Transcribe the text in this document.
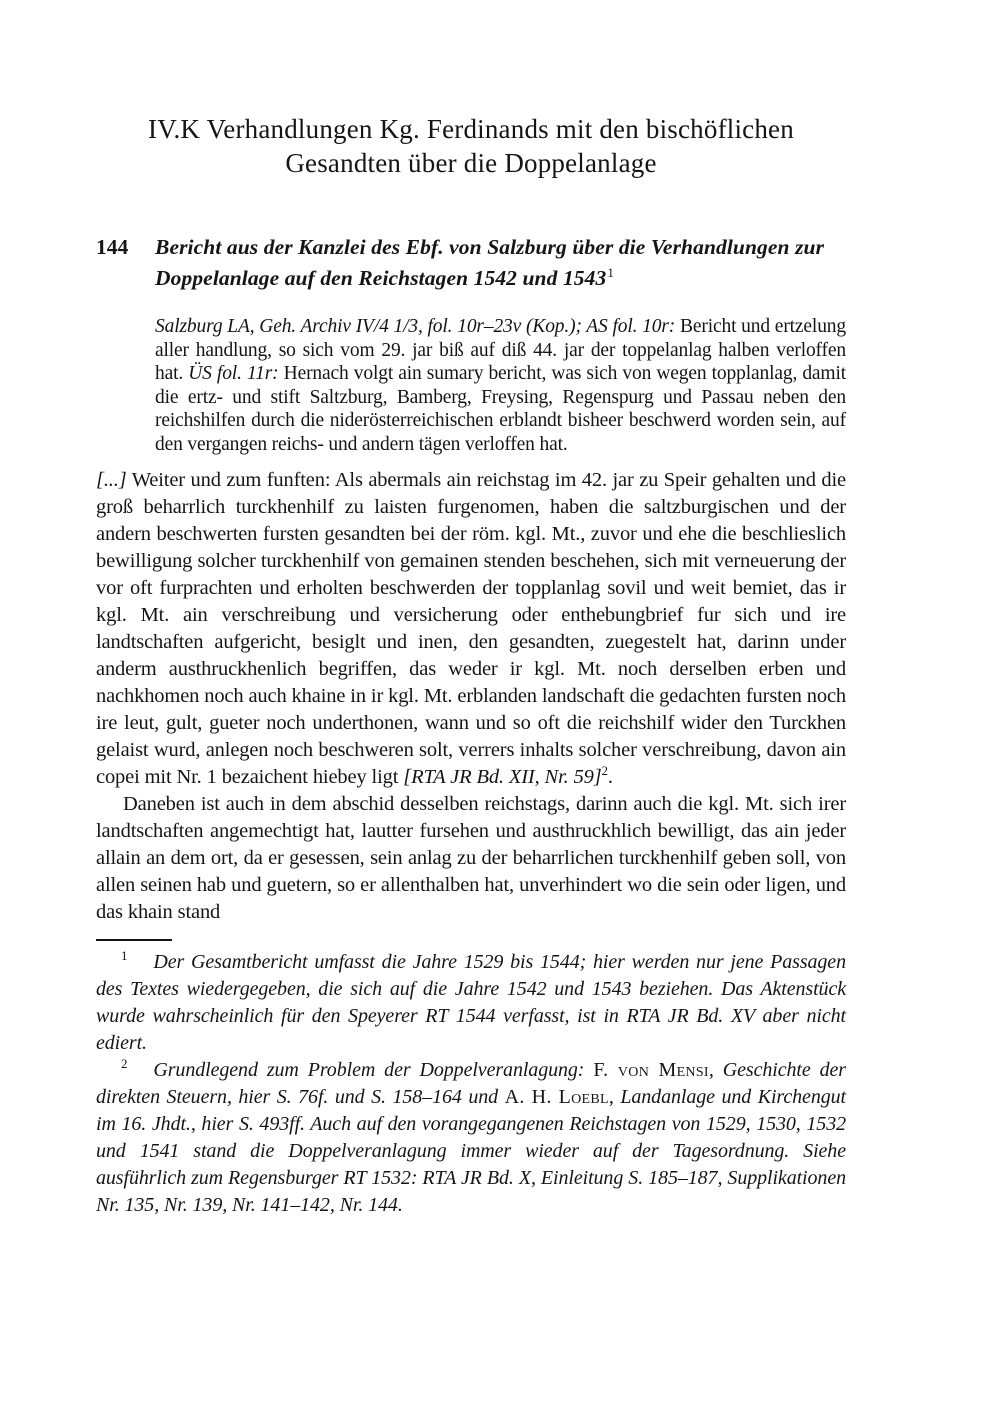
IV.K Verhandlungen Kg. Ferdinands mit den bischöflichen
Gesandten über die Doppelanlage
144	Bericht aus der Kanzlei des Ebf. von Salzburg über die Verhandlungen zur Doppelanlage auf den Reichstagen 1542 und 1543$^1$
Salzburg LA, Geh. Archiv IV/4 1/3, fol. 10r–23v (Kop.); AS fol. 10r: Bericht und ertzelung aller handlung, so sich vom 29. jar biß auf diß 44. jar der toppelanlag halben verloffen hat. ÜS fol. 11r: Hernach volgt ain sumary bericht, was sich von wegen topplanlag, damit die ertz- und stift Saltzburg, Bamberg, Freysing, Regenspurg und Passau neben den reichshilfen durch die niderösterreichischen erblandt bisheer beschwerd worden sein, auf den vergangen reichs- und andern tägen verloffen hat.

[...] Weiter und zum funften: Als abermals ain reichstag im 42. jar zu Speir gehalten und die groß beharrlich turckhenhilf zu laisten furgenomen, haben die saltzburgischen und der andern beschwerten fursten gesandten bei der röm. kgl. Mt., zuvor und ehe die beschlieslich bewilligung solcher turckhenhilf von gemainen stenden beschehen, sich mit verneuerung der vor oft furprachten und erholten beschwerden der topplanlag sovil und weit bemiet, das ir kgl. Mt. ain verschreibung und versicherung oder enthebungbrief fur sich und ire landtschaften aufgericht, besiglt und inen, den gesandten, zuegestelt hat, darinn under anderm austhruckhenlich begriffen, das weder ir kgl. Mt. noch derselben erben und nachkhomen noch auch khaine in ir kgl. Mt. erblanden landschaft die gedachten fursten noch ire leut, gult, gueter noch underthonen, wann und so oft die reichshilf wider den Turckhen gelaist wurd, anlegen noch beschweren solt, verrers inhalts solcher verschreibung, davon ain copei mit Nr. 1 bezaichent hiebey ligt [RTA JR Bd. XII, Nr. 59]$^2$.

Daneben ist auch in dem abschid desselben reichstags, darinn auch die kgl. Mt. sich irer landtschaften angemechtigt hat, lautter fursehen und austhruckhlich bewilligt, das ain jeder allain an dem ort, da er gesessen, sein anlag zu der beharrlichen turckhenhilf geben soll, von allen seinen hab und guetern, so er allenthalben hat, unverhindert wo die sein oder ligen, und das khain stand

$^1$ Der Gesamtbericht umfasst die Jahre 1529 bis 1544; hier werden nur jene Passagen des Textes wiedergegeben, die sich auf die Jahre 1542 und 1543 beziehen. Das Aktenstück wurde wahrscheinlich für den Speyerer RT 1544 verfasst, ist in RTA JR Bd. XV aber nicht ediert.

$^2$ Grundlegend zum Problem der Doppelveranlagung: F. von Mensi, Geschichte der direkten Steuern, hier S. 76f. und S. 158–164 und A. H. Loebl, Landanlage und Kirchengut im 16. Jhdt., hier S. 493ff. Auch auf den vorangegangenen Reichstagen von 1529, 1530, 1532 und 1541 stand die Doppelveranlagung immer wieder auf der Tagesordnung. Siehe ausführlich zum Regensburger RT 1532: RTA JR Bd. X, Einleitung S. 185–187, Supplikationen Nr. 135, Nr. 139, Nr. 141–142, Nr. 144.
